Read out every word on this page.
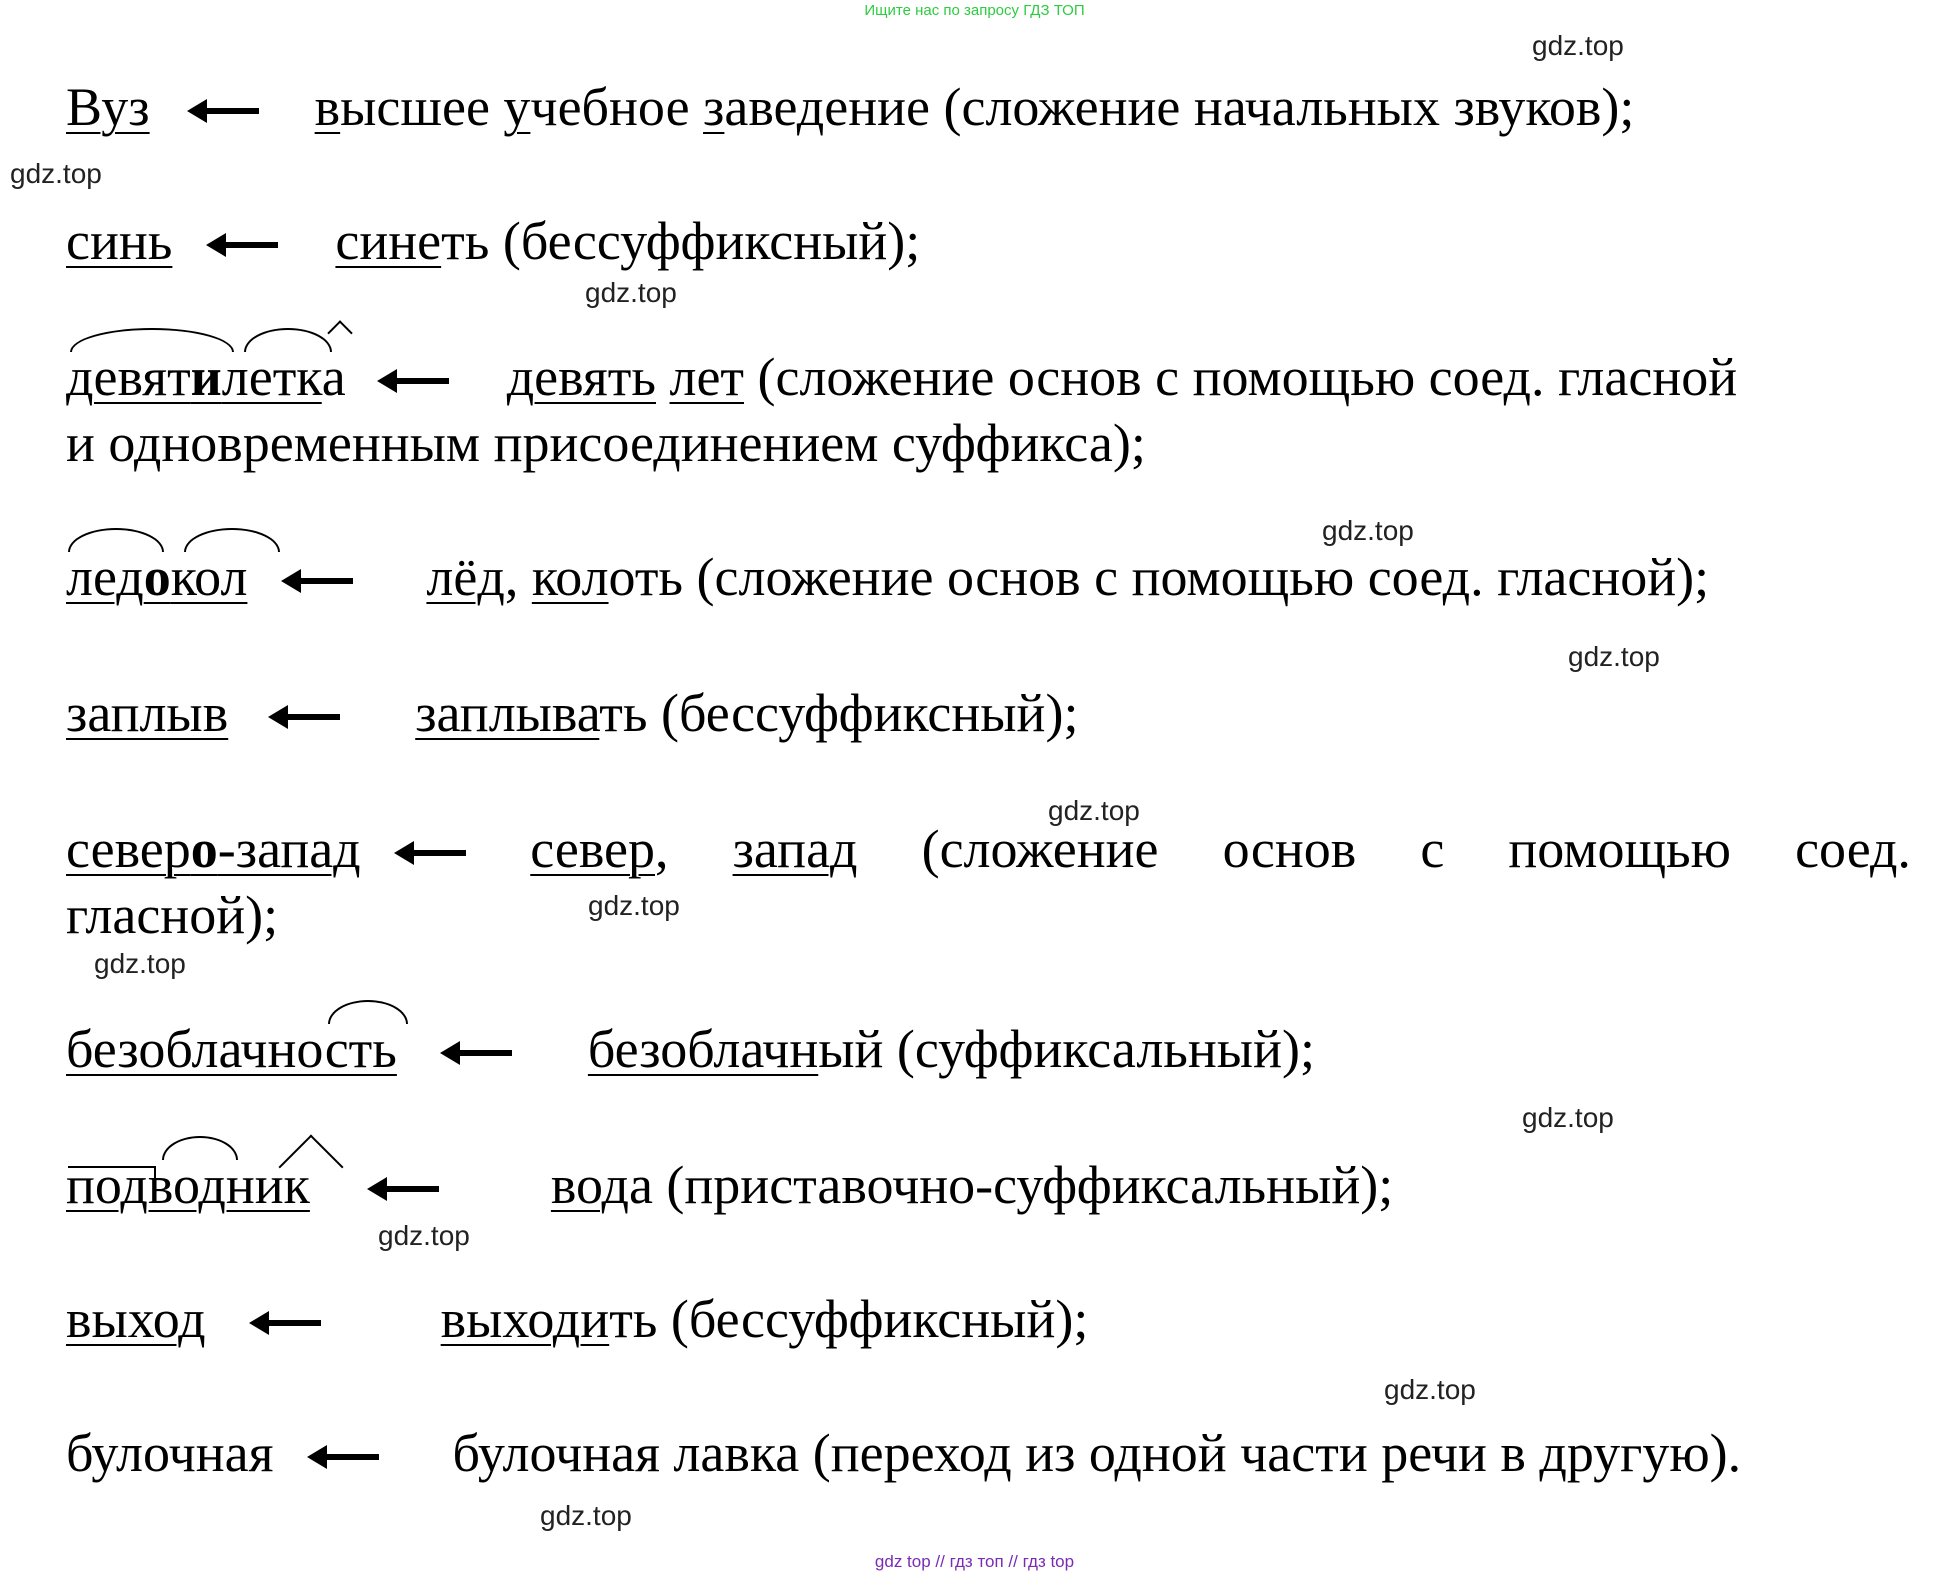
Ищите нас по запросу ГДЗ ТОП
gdz.top
gdz.top
gdz.top
gdz.top
gdz.top
gdz.top
gdz.top
gdz.top
gdz.top
gdz.top
gdz.top
gdz.top
Вуз	высшее учебное заведение (сложение начальных звуков);
синь	синеть (бессуффиксный);
девятилетка	девять лет (сложение основ с помощью соед. гласной
и одновременным присоединением суффикса);
ледокол	лёд, колоть (сложение основ с помощью соед. гласной);
заплыв	заплывать (бессуффиксный);
северо-запад	север, запад (сложение основ с помощью соед.
гласной);
безоблачность	безоблачный (суффиксальный);
подводник	вода (приставочно-суффиксальный);
выход	выходить (бессуффиксный);
булочная	булочная лавка (переход из одной части речи в другую).
gdz top // гдз топ // гдз top
